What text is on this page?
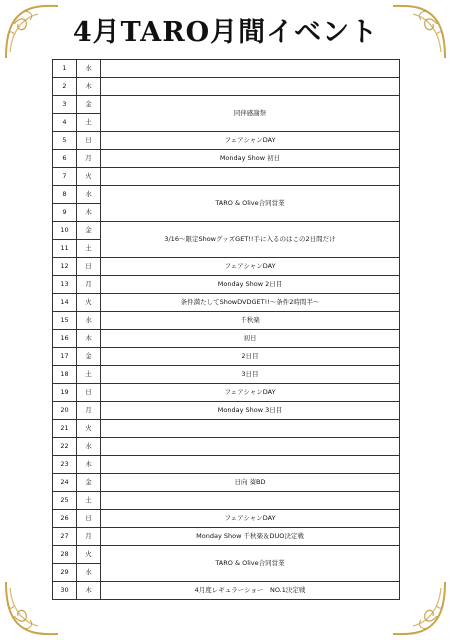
4月TARO月間イベント
1	水	
2	木	
3	金	同伴感謝祭
4	土	
5	日	フェアシャンDAY
6	月	Monday Show 初日
7	火	
8	水	TARO & Olive合同営業
9	木	
10	金	3/16〜限定ShowグッズGET!!手に入るのはこの2日間だけ
11	土	
12	日	フェアシャンDAY
13	月	Monday Show 2日目
14	火	条件満たしてShowDVDGET!!〜条件2時間半〜
15	水	千秋楽
16	木	初日
17	金	2日目
18	土	3日目
19	日	フェアシャンDAY
20	月	Monday Show 3日目
21	火	
22	水	
23	木	
24	金	日向 葵BD
25	土	
26	日	フェアシャンDAY
27	月	Monday Show 千秋楽＆DUO決定戦
28	火	TARO & Olive合同営業
29	水	
30	木	4月度レギュラーショー　NO.1決定戦
